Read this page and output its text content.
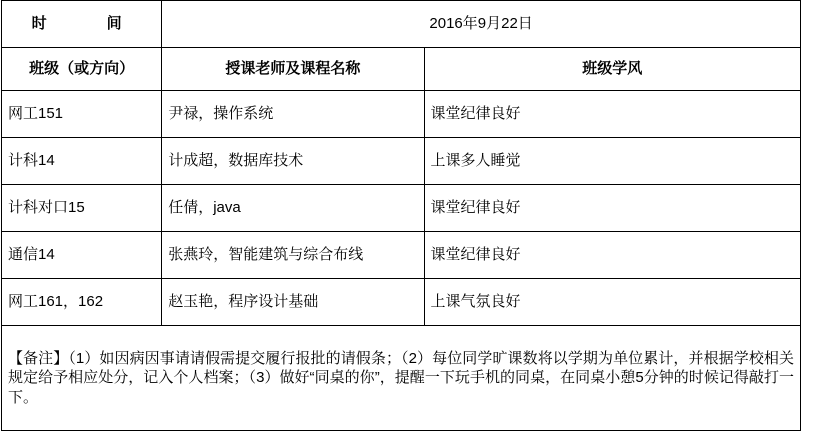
时　　间	2016年9月22日	
班级（或方向）	授课老师及课程名称	班级学风
网工151	尹禄，操作系统	课堂纪律良好
计科14	计成超，数据库技术	上课多人睡觉
计科对口15	任倩，java	课堂纪律良好
通信14	张燕玲，智能建筑与综合布线	课堂纪律良好
网工161，162	赵玉艳，程序设计基础	上课气氛良好

【备注】（1）如因病因事请请假需提交履行报批的请假条；（2）每位同学旷课数将以学期为单位累计，并根据学校相关规定给予相应处分，记入个人档案；（3）做好“同桌的你”，提醒一下玩手机的同桌，在同桌小憩5分钟的时候记得敲打一下。		
